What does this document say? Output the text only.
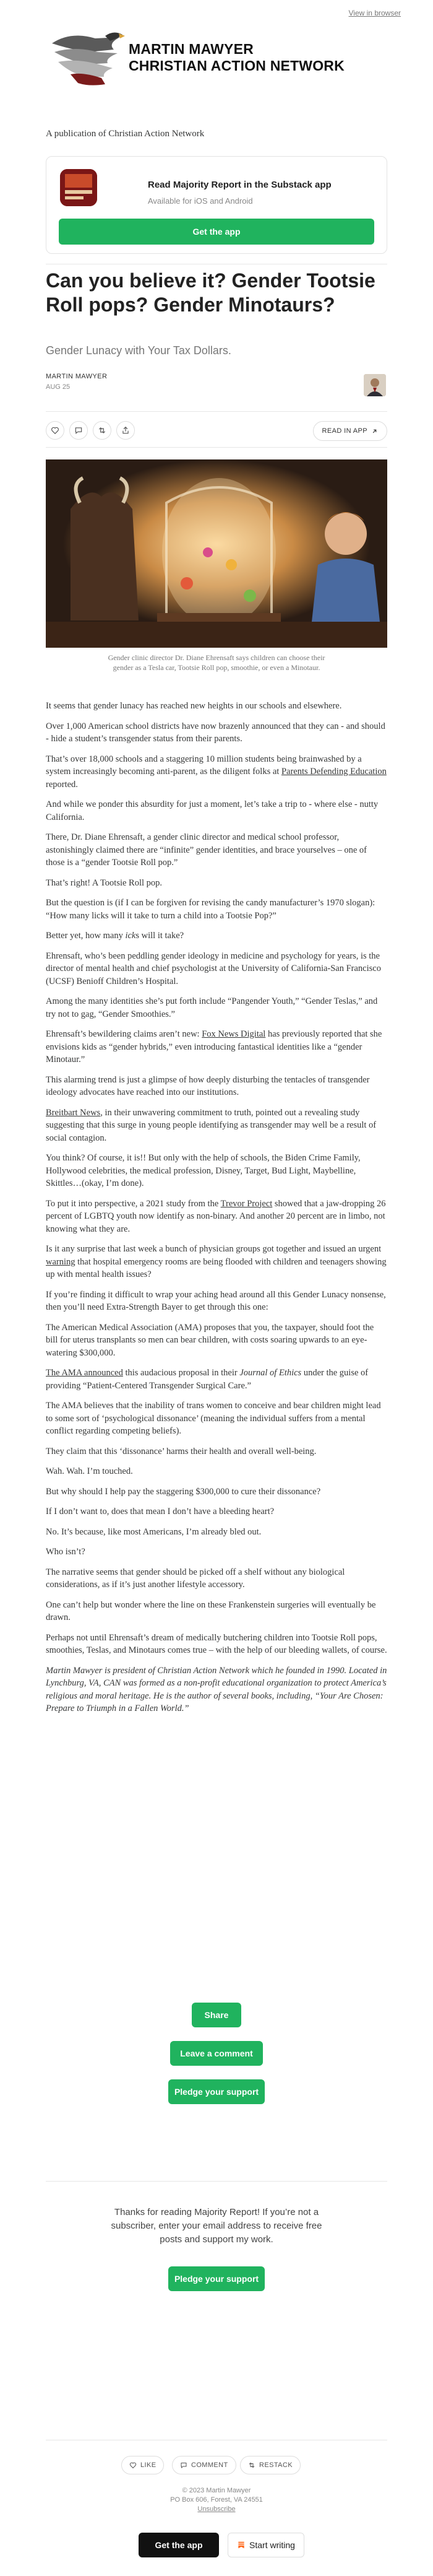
View in browser
MARTIN MAWYER
CHRISTIAN ACTION NETWORK
A publication of Christian Action Network
Read Majority Report in the Substack app
Available for iOS and Android
Get the app
Can you believe it? Gender Tootsie Roll pops? Gender Minotaurs?
Gender Lunacy with Your Tax Dollars.
MARTIN MAWYER
AUG 25
READ IN APP
Gender clinic director Dr. Diane Ehrensaft says children can choose their gender as a Tesla car, Tootsie Roll pop, smoothie, or even a Minotaur.

It seems that gender lunacy has reached new heights in our schools and elsewhere.

Over 1,000 American school districts have now brazenly announced that they can - and should - hide a student’s transgender status from their parents.

That’s over 18,000 schools and a staggering 10 million students being brainwashed by a system increasingly becoming anti-parent, as the diligent folks at Parents Defending Education reported.

And while we ponder this absurdity for just a moment, let’s take a trip to - where else - nutty California.

There, Dr. Diane Ehrensaft, a gender clinic director and medical school professor, astonishingly claimed there are “infinite” gender identities, and brace yourselves – one of those is a “gender Tootsie Roll pop.”

That’s right! A Tootsie Roll pop.

But the question is (if I can be forgiven for revising the candy manufacturer’s 1970 slogan): “How many licks will it take to turn a child into a Tootsie Pop?”

Better yet, how many icks will it take?

Ehrensaft, who’s been peddling gender ideology in medicine and psychology for years, is the director of mental health and chief psychologist at the University of California-San Francisco (UCSF) Benioff Children’s Hospital.

Among the many identities she’s put forth include “Pangender Youth,” “Gender Teslas,” and try not to gag, “Gender Smoothies.”

Ehrensaft’s bewildering claims aren’t new: Fox News Digital has previously reported that she envisions kids as “gender hybrids,” even introducing fantastical identities like a “gender Minotaur.”

This alarming trend is just a glimpse of how deeply disturbing the tentacles of transgender ideology advocates have reached into our institutions.

Breitbart News, in their unwavering commitment to truth, pointed out a revealing study suggesting that this surge in young people identifying as transgender may well be a result of social contagion.

You think? Of course, it is!! But only with the help of schools, the Biden Crime Family, Hollywood celebrities, the medical profession, Disney, Target, Bud Light, Maybelline, Skittles…(okay, I’m done).

To put it into perspective, a 2021 study from the Trevor Project showed that a jaw-dropping 26 percent of LGBTQ youth now identify as non-binary. And another 20 percent are in limbo, not knowing what they are.

Is it any surprise that last week a bunch of physician groups got together and issued an urgent warning that hospital emergency rooms are being flooded with children and teenagers showing up with mental health issues?

If you’re finding it difficult to wrap your aching head around all this Gender Lunacy nonsense, then you’ll need Extra-Strength Bayer to get through this one:

The American Medical Association (AMA) proposes that you, the taxpayer, should foot the bill for uterus transplants so men can bear children, with costs soaring upwards to an eye-watering $300,000.

The AMA announced this audacious proposal in their Journal of Ethics under the guise of providing “Patient-Centered Transgender Surgical Care.”

The AMA believes that the inability of trans women to conceive and bear children might lead to some sort of ‘psychological dissonance’ (meaning the individual suffers from a mental conflict regarding competing beliefs).

They claim that this ‘dissonance’ harms their health and overall well-being.

Wah. Wah. I’m touched.

But why should I help pay the staggering $300,000 to cure their dissonance?

If I don’t want to, does that mean I don’t have a bleeding heart?

No. It’s because, like most Americans, I’m already bled out.

Who isn’t?

The narrative seems that gender should be picked off a shelf without any biological considerations, as if it’s just another lifestyle accessory.

One can’t help but wonder where the line on these Frankenstein surgeries will eventually be drawn.

Perhaps not until Ehrensaft’s dream of medically butchering children into Tootsie Roll pops, smoothies, Teslas, and Minotaurs comes true – with the help of our bleeding wallets, of course.

Martin Mawyer is president of Christian Action Network which he founded in 1990. Located in Lynchburg, VA, CAN was formed as a non-profit educational organization to protect America’s religious and moral heritage. He is the author of several books, including, “Your Are Chosen: Prepare to Triumph in a Fallen World.”

Share
Leave a comment
Pledge your support
Thanks for reading Majority Report! If you’re not a subscriber, enter your email address to receive free posts and support my work.
Pledge your support
LIKE	COMMENT	RESTACK
© 2023 Martin Mawyer
PO Box 606, Forest, VA 24551
Unsubscribe
Get the app	Start writing
